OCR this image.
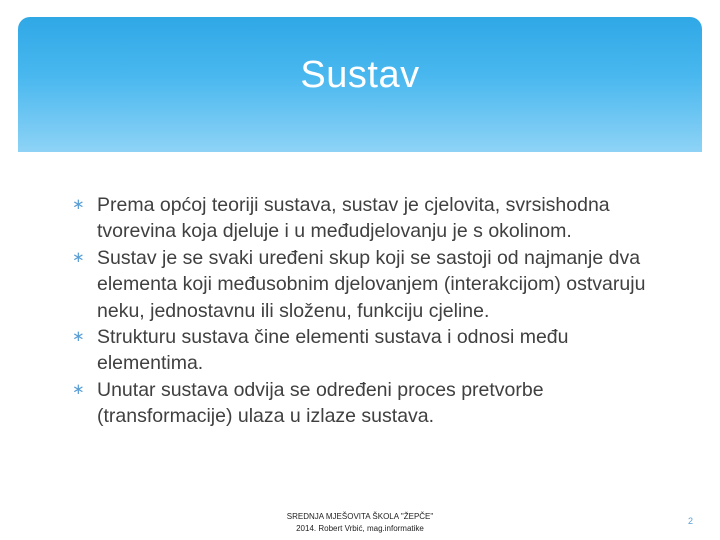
Sustav
∗ Prema općoj teoriji sustava, sustav je cjelovita, svrsishodna tvorevina koja djeluje i u međudjelovanju je s okolinom.
∗ Sustav je se svaki uređeni skup koji se sastoji od najmanje dva elementa koji međusobnim djelovanjem (interakcijom) ostvaruju neku, jednostavnu ili složenu, funkciju cjeline.
∗ Strukturu sustava čine elementi sustava i odnosi među elementima.
∗ Unutar sustava odvija se određeni proces pretvorbe (transformacije) ulaza u izlaze sustava.
SREDNJA MJEŠOVITA ŠKOLA "ŽEPČE"
2014. Robert Vrbić, mag.informatike
2
